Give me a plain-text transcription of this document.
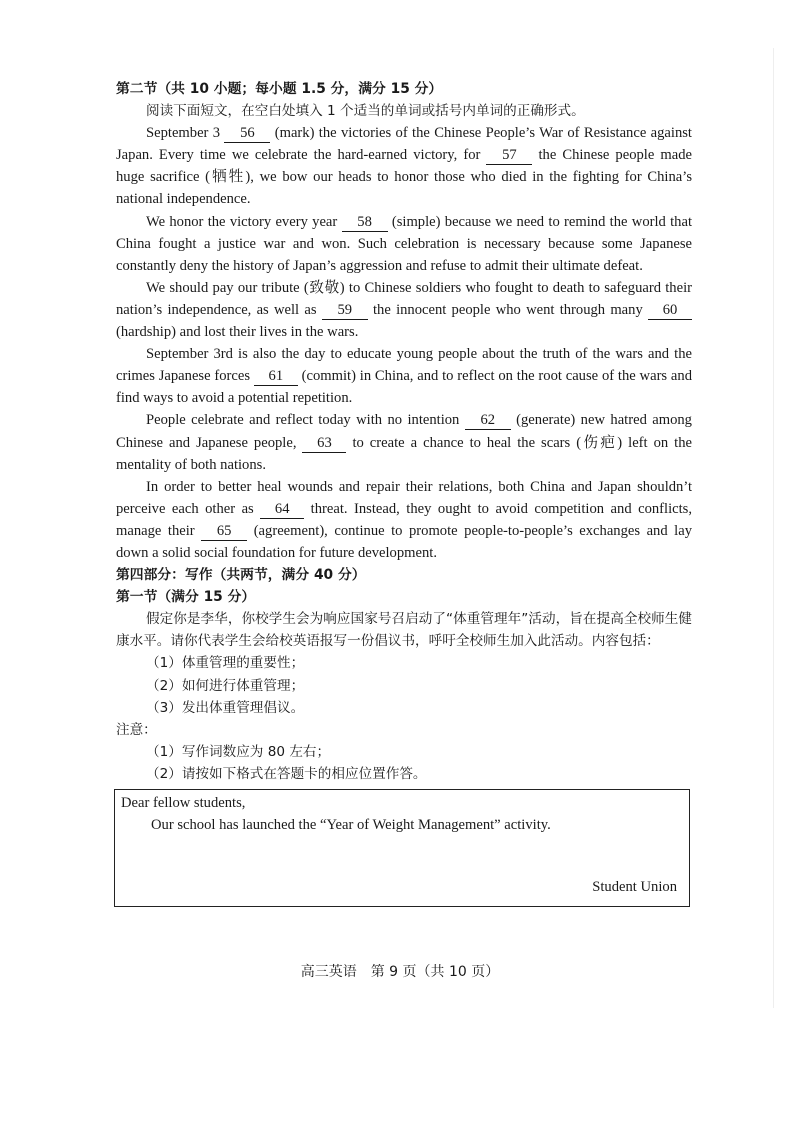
第二节（共 10 小题；每小题 1.5 分，满分 15 分）

阅读下面短文，在空白处填入 1 个适当的单词或括号内单词的正确形式。

September 3 56 (mark) the victories of the Chinese People’s War of Resistance against Japan. Every time we celebrate the hard-earned victory, for 57 the Chinese people made huge sacrifice (牺牲), we bow our heads to honor those who died in the fighting for China’s national independence.

We honor the victory every year 58 (simple) because we need to remind the world that China fought a justice war and won. Such celebration is necessary because some Japanese constantly deny the history of Japan’s aggression and refuse to admit their ultimate defeat.

We should pay our tribute (致敬) to Chinese soldiers who fought to death to safeguard their nation’s independence, as well as 59 the innocent people who went through many 60 (hardship) and lost their lives in the wars.

September 3rd is also the day to educate young people about the truth of the wars and the crimes Japanese forces 61 (commit) in China, and to reflect on the root cause of the wars and find ways to avoid a potential repetition.

People celebrate and reflect today with no intention 62 (generate) new hatred among Chinese and Japanese people, 63 to create a chance to heal the scars (伤疤) left on the mentality of both nations.

In order to better heal wounds and repair their relations, both China and Japan shouldn’t perceive each other as 64 threat. Instead, they ought to avoid competition and conflicts, manage their 65 (agreement), continue to promote people-to-people’s exchanges and lay down a solid social foundation for future development.

第四部分：写作（共两节，满分 40 分）

第一节（满分 15 分）

假定你是李华，你校学生会为响应国家号召启动了“体重管理年”活动，旨在提高全校师生健康水平。请你代表学生会给校英语报写一份倡议书，呼吁全校师生加入此活动。内容包括：

（1）体重管理的重要性；

（2）如何进行体重管理；

（3）发出体重管理倡议。

注意：

（1）写作词数应为 80 左右；

（2）请按如下格式在答题卡的相应位置作答。

Dear fellow students,
Our school has launched the “Year of Weight Management” activity.
Student Union
高三英语　第 9 页（共 10 页）
